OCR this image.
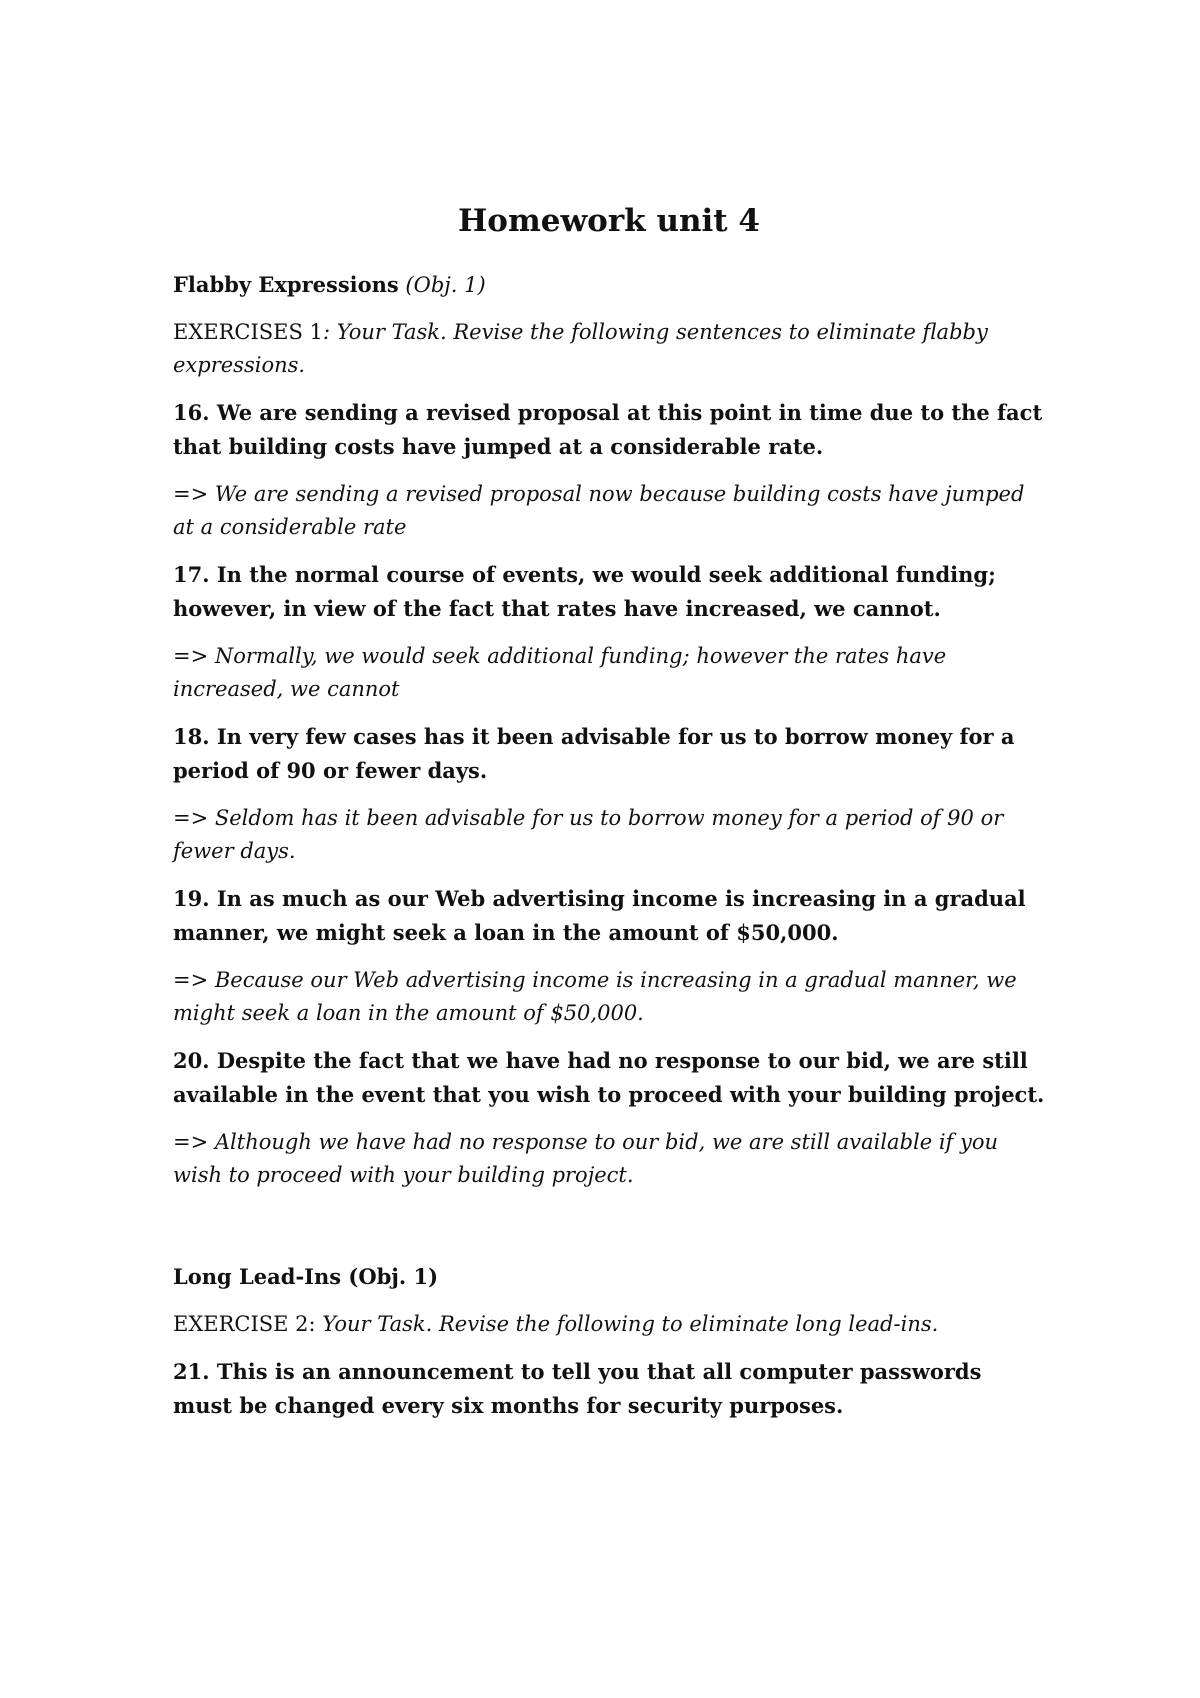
Homework unit 4

Flabby Expressions (Obj. 1)

EXERCISES 1: Your Task. Revise the following sentences to eliminate flabby expressions.

16. We are sending a revised proposal at this point in time due to the fact that building costs have jumped at a considerable rate.

=> We are sending a revised proposal now because building costs have jumped at a considerable rate

17. In the normal course of events, we would seek additional funding; however, in view of the fact that rates have increased, we cannot.

=> Normally, we would seek additional funding; however the rates have increased, we cannot

18. In very few cases has it been advisable for us to borrow money for a period of 90 or fewer days.

=> Seldom has it been advisable for us to borrow money for a period of 90 or fewer days.

19. In as much as our Web advertising income is increasing in a gradual manner, we might seek a loan in the amount of $50,000.

=> Because our Web advertising income is increasing in a gradual manner, we might seek a loan in the amount of $50,000.

20. Despite the fact that we have had no response to our bid, we are still available in the event that you wish to proceed with your building project.

=> Although we have had no response to our bid, we are still available if you wish to proceed with your building project.

Long Lead-Ins (Obj. 1)

EXERCISE 2: Your Task. Revise the following to eliminate long lead-ins.

21. This is an announcement to tell you that all computer passwords must be changed every six months for security purposes.
